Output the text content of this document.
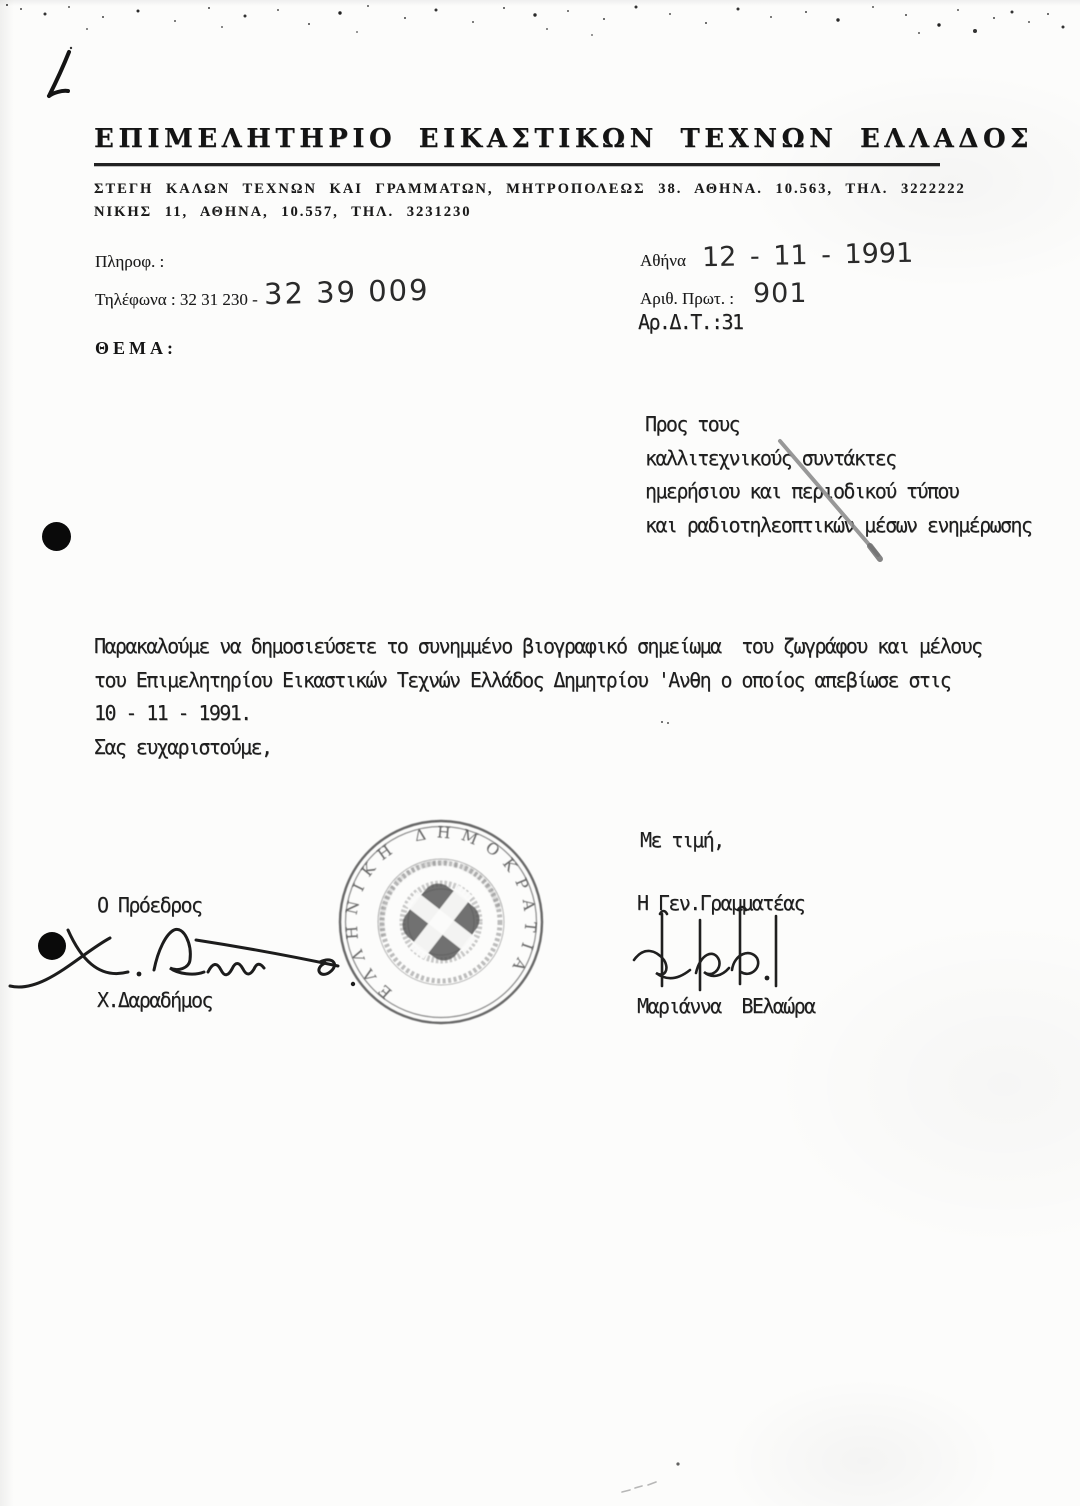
ΕΠΙΜΕΛΗΤΗΡΙΟ ΕΙΚΑΣΤΙΚΩΝ ΤΕΧΝΩΝ ΕΛΛΑΔΟΣ
ΣΤΕΓΗ ΚΑΛΩΝ ΤΕΧΝΩΝ ΚΑΙ ΓΡΑΜΜΑΤΩΝ, ΜΗΤΡΟΠΟΛΕΩΣ 38. ΑΘΗΝΑ. 10.563, ΤΗΛ. 3222222
ΝΙΚΗΣ 11, ΑΘΗΝΑ, 10.557, ΤΗΛ. 3231230
Πληροφ. :
Τηλέφωνα : 32 31 230 - 32 39 009
ΘΕΜΑ:
Αθήνα 12 - 11 - 1991
Αριθ. Πρωτ. : 901
Αρ.Δ.Τ.:31
Προς τους
καλλιτεχνικούς συντάκτες
ημερήσιου και περιοδικού τύπου
και ραδιοτηλεοπτικών μέσων ενημέρωσης
Παρακαλούμε να δημοσιεύσετε το συνημμένο βιογραφικό σημείωμα  του ζωγράφου και μέλους
του Επιμελητηρίου Εικαστικών Τεχνών Ελλάδος Δημητρίου 'Ανθη ο οποίος απεβίωσε στις
10 - 11 - 1991.
Σας ευχαριστούμε,
Με τιμή,
Ο Πρόεδρος
Χ.Δαραδήμος	ΕΛΛΗΝΙΚΗ ΔΗΜΟΚΡΑΤΙΑ
ΥΠΟΥΡΓΕΙΟ ΠΟΛΙΤΙΣΜΟΥ & ΕΠΙΣΤΗΜΩΝ	Η Γεν.Γραμματέας
Μαριάννα  ΒΕλαώρα
